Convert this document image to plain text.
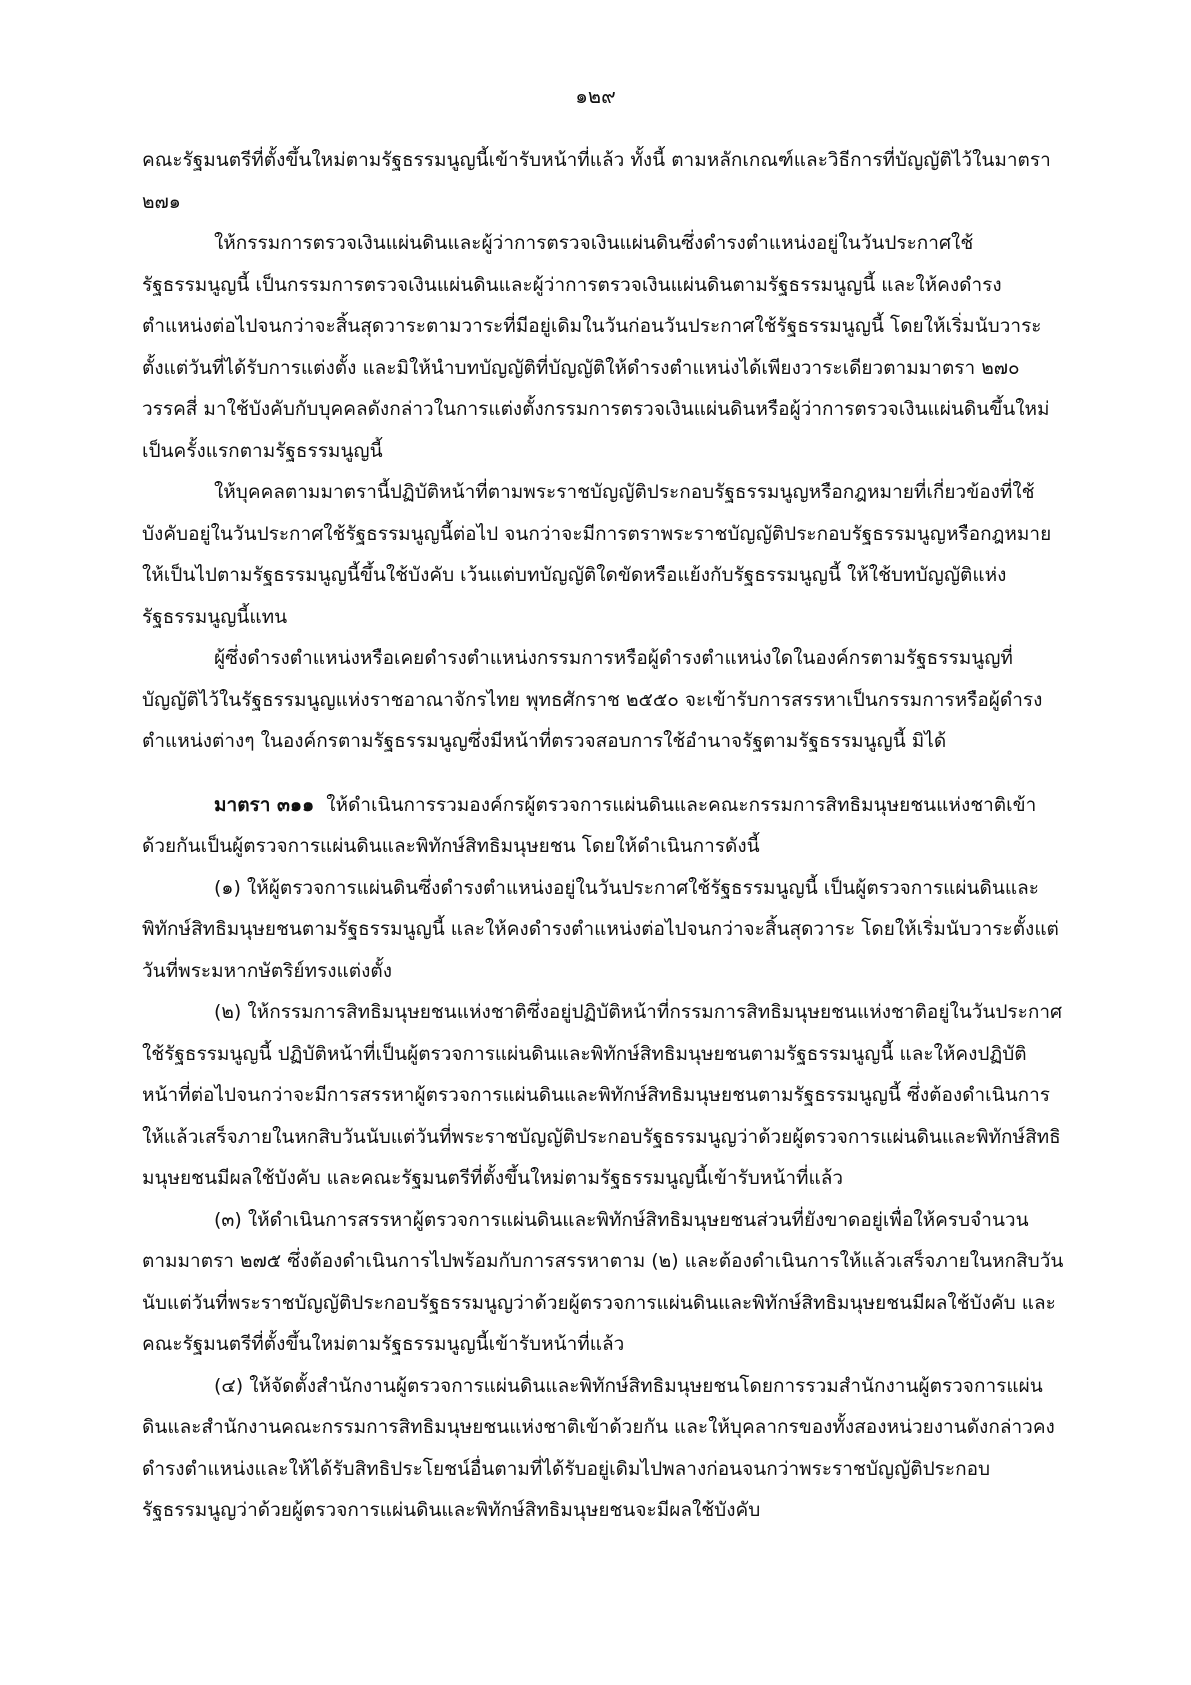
๑๒๙

คณะรัฐมนตรีที่ตั้งขึ้นใหม่ตามรัฐธรรมนูญนี้เข้ารับหน้าที่แล้ว ทั้งนี้ ตามหลักเกณฑ์และวิธีการที่บัญญัติไว้ในมาตรา ๒๗๑

ให้กรรมการตรวจเงินแผ่นดินและผู้ว่าการตรวจเงินแผ่นดินซึ่งดำรงตำแหน่งอยู่ในวันประกาศใช้รัฐธรรมนูญนี้ เป็นกรรมการตรวจเงินแผ่นดินและผู้ว่าการตรวจเงินแผ่นดินตามรัฐธรรมนูญนี้ และให้คงดำรงตำแหน่งต่อไปจนกว่าจะสิ้นสุดวาระตามวาระที่มีอยู่เดิมในวันก่อนวันประกาศใช้รัฐธรรมนูญนี้ โดยให้เริ่มนับวาระตั้งแต่วันที่ได้รับการแต่งตั้ง และมิให้นำบทบัญญัติที่บัญญัติให้ดำรงตำแหน่งได้เพียงวาระเดียวตามมาตรา ๒๗๐ วรรคสี่ มาใช้บังคับกับบุคคลดังกล่าวในการแต่งตั้งกรรมการตรวจเงินแผ่นดินหรือผู้ว่าการตรวจเงินแผ่นดินขึ้นใหม่เป็นครั้งแรกตามรัฐธรรมนูญนี้

ให้บุคคลตามมาตรานี้ปฏิบัติหน้าที่ตามพระราชบัญญัติประกอบรัฐธรรมนูญหรือกฎหมายที่เกี่ยวข้องที่ใช้บังคับอยู่ในวันประกาศใช้รัฐธรรมนูญนี้ต่อไป จนกว่าจะมีการตราพระราชบัญญัติประกอบรัฐธรรมนูญหรือกฎหมายให้เป็นไปตามรัฐธรรมนูญนี้ขึ้นใช้บังคับ เว้นแต่บทบัญญัติใดขัดหรือแย้งกับรัฐธรรมนูญนี้ ให้ใช้บทบัญญัติแห่งรัฐธรรมนูญนี้แทน

ผู้ซึ่งดำรงตำแหน่งหรือเคยดำรงตำแหน่งกรรมการหรือผู้ดำรงตำแหน่งใดในองค์กรตามรัฐธรรมนูญที่บัญญัติไว้ในรัฐธรรมนูญแห่งราชอาณาจักรไทย พุทธศักราช ๒๕๕๐ จะเข้ารับการสรรหาเป็นกรรมการหรือผู้ดำรงตำแหน่งต่างๆ ในองค์กรตามรัฐธรรมนูญซึ่งมีหน้าที่ตรวจสอบการใช้อำนาจรัฐตามรัฐธรรมนูญนี้ มิได้

มาตรา ๓๑๑ ให้ดำเนินการรวมองค์กรผู้ตรวจการแผ่นดินและคณะกรรมการสิทธิมนุษยชนแห่งชาติเข้าด้วยกันเป็นผู้ตรวจการแผ่นดินและพิทักษ์สิทธิมนุษยชน โดยให้ดำเนินการดังนี้

(๑) ให้ผู้ตรวจการแผ่นดินซึ่งดำรงตำแหน่งอยู่ในวันประกาศใช้รัฐธรรมนูญนี้ เป็นผู้ตรวจการแผ่นดินและพิทักษ์สิทธิมนุษยชนตามรัฐธรรมนูญนี้ และให้คงดำรงตำแหน่งต่อไปจนกว่าจะสิ้นสุดวาระ โดยให้เริ่มนับวาระตั้งแต่วันที่พระมหากษัตริย์ทรงแต่งตั้ง

(๒) ให้กรรมการสิทธิมนุษยชนแห่งชาติซึ่งอยู่ปฏิบัติหน้าที่กรรมการสิทธิมนุษยชนแห่งชาติอยู่ในวันประกาศใช้รัฐธรรมนูญนี้ ปฏิบัติหน้าที่เป็นผู้ตรวจการแผ่นดินและพิทักษ์สิทธิมนุษยชนตามรัฐธรรมนูญนี้ และให้คงปฏิบัติหน้าที่ต่อไปจนกว่าจะมีการสรรหาผู้ตรวจการแผ่นดินและพิทักษ์สิทธิมนุษยชนตามรัฐธรรมนูญนี้ ซึ่งต้องดำเนินการให้แล้วเสร็จภายในหกสิบวันนับแต่วันที่พระราชบัญญัติประกอบรัฐธรรมนูญว่าด้วยผู้ตรวจการแผ่นดินและพิทักษ์สิทธิมนุษยชนมีผลใช้บังคับ และคณะรัฐมนตรีที่ตั้งขึ้นใหม่ตามรัฐธรรมนูญนี้เข้ารับหน้าที่แล้ว

(๓) ให้ดำเนินการสรรหาผู้ตรวจการแผ่นดินและพิทักษ์สิทธิมนุษยชนส่วนที่ยังขาดอยู่เพื่อให้ครบจำนวนตามมาตรา ๒๗๕ ซึ่งต้องดำเนินการไปพร้อมกับการสรรหาตาม (๒) และต้องดำเนินการให้แล้วเสร็จภายในหกสิบวันนับแต่วันที่พระราชบัญญัติประกอบรัฐธรรมนูญว่าด้วยผู้ตรวจการแผ่นดินและพิทักษ์สิทธิมนุษยชนมีผลใช้บังคับ และคณะรัฐมนตรีที่ตั้งขึ้นใหม่ตามรัฐธรรมนูญนี้เข้ารับหน้าที่แล้ว

(๔) ให้จัดตั้งสำนักงานผู้ตรวจการแผ่นดินและพิทักษ์สิทธิมนุษยชนโดยการรวมสำนักงานผู้ตรวจการแผ่นดินและสำนักงานคณะกรรมการสิทธิมนุษยชนแห่งชาติเข้าด้วยกัน และให้บุคลากรของทั้งสองหน่วยงานดังกล่าวคงดำรงตำแหน่งและให้ได้รับสิทธิประโยชน์อื่นตามที่ได้รับอยู่เดิมไปพลางก่อนจนกว่าพระราชบัญญัติประกอบรัฐธรรมนูญว่าด้วยผู้ตรวจการแผ่นดินและพิทักษ์สิทธิมนุษยชนจะมีผลใช้บังคับ
